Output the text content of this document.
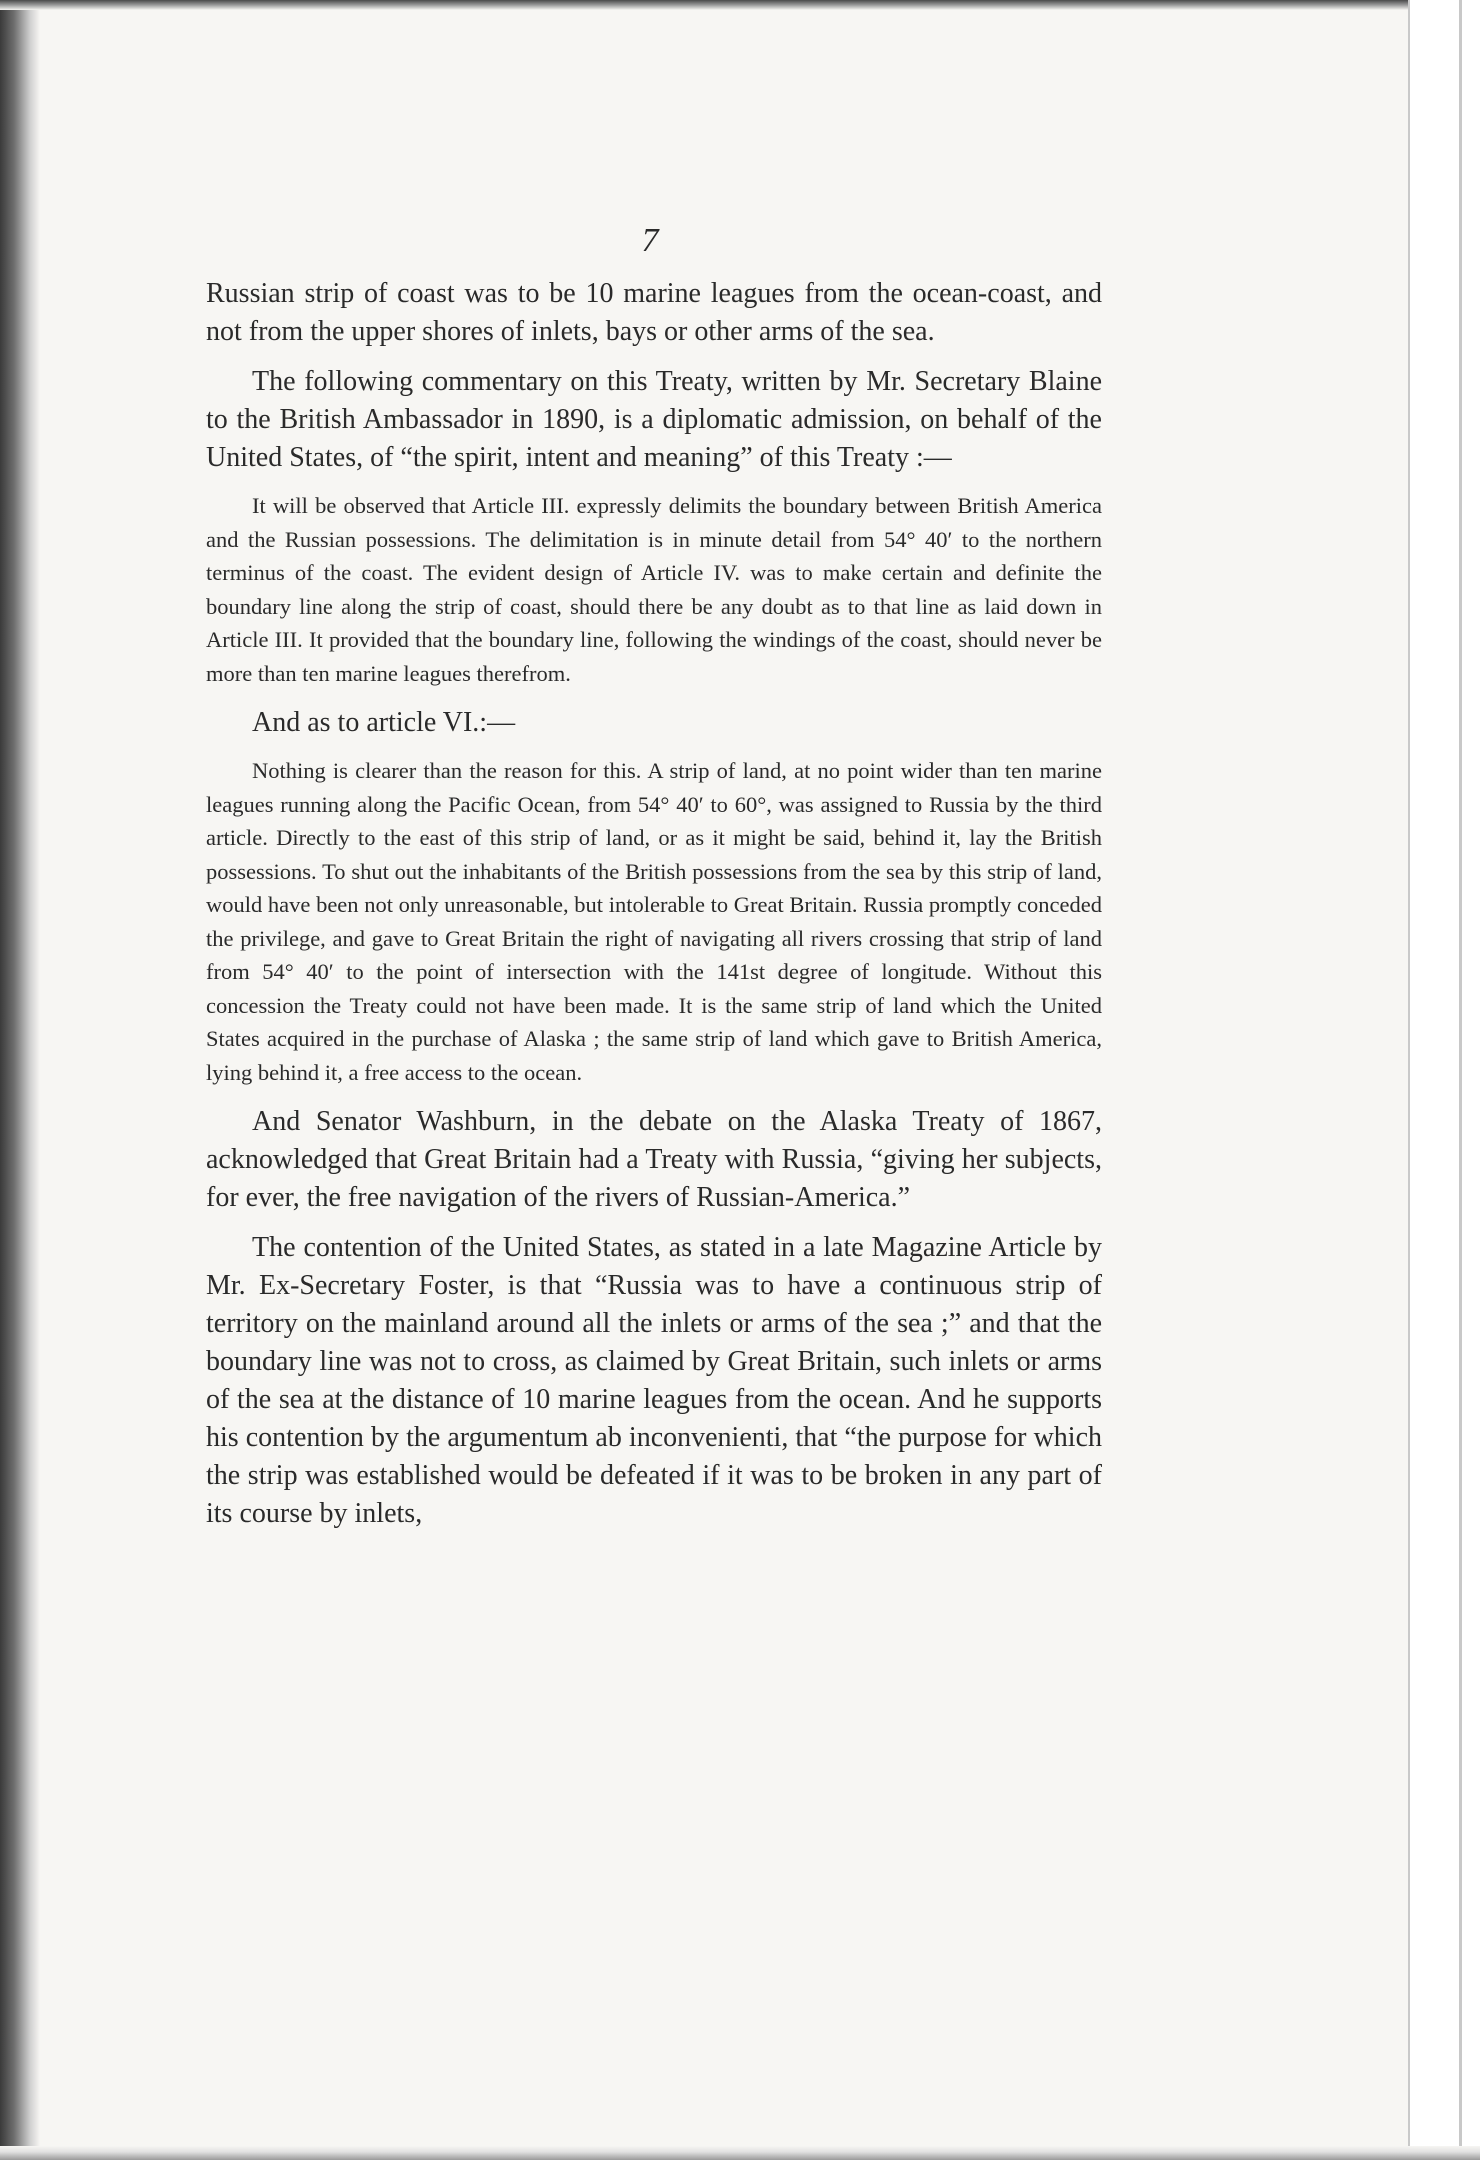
7

Russian strip of coast was to be 10 marine leagues from the ocean-coast, and not from the upper shores of inlets, bays or other arms of the sea.

The following commentary on this Treaty, written by Mr. Secretary Blaine to the British Ambassador in 1890, is a diplomatic admission, on behalf of the United States, of “the spirit, intent and meaning” of this Treaty :—

It will be observed that Article III. expressly delimits the boundary between British America and the Russian possessions. The delimitation is in minute detail from 54° 40′ to the northern terminus of the coast. The evident design of Article IV. was to make certain and definite the boundary line along the strip of coast, should there be any doubt as to that line as laid down in Article III. It provided that the boundary line, following the windings of the coast, should never be more than ten marine leagues therefrom.

And as to article VI.:—

Nothing is clearer than the reason for this. A strip of land, at no point wider than ten marine leagues running along the Pacific Ocean, from 54° 40′ to 60°, was assigned to Russia by the third article. Directly to the east of this strip of land, or as it might be said, behind it, lay the British possessions. To shut out the inhabitants of the British possessions from the sea by this strip of land, would have been not only unreasonable, but intolerable to Great Britain. Russia promptly conceded the privilege, and gave to Great Britain the right of navigating all rivers crossing that strip of land from 54° 40′ to the point of intersection with the 141st degree of longitude. Without this concession the Treaty could not have been made. It is the same strip of land which the United States acquired in the purchase of Alaska ; the same strip of land which gave to British America, lying behind it, a free access to the ocean.

And Senator Washburn, in the debate on the Alaska Treaty of 1867, acknowledged that Great Britain had a Treaty with Russia, “giving her subjects, for ever, the free navigation of the rivers of Russian-America.”

The contention of the United States, as stated in a late Magazine Article by Mr. Ex-Secretary Foster, is that “Russia was to have a continuous strip of territory on the mainland around all the inlets or arms of the sea ;” and that the boundary line was not to cross, as claimed by Great Britain, such inlets or arms of the sea at the distance of 10 marine leagues from the ocean. And he supports his contention by the argumentum ab inconvenienti, that “the purpose for which the strip was established would be defeated if it was to be broken in any part of its course by inlets,
